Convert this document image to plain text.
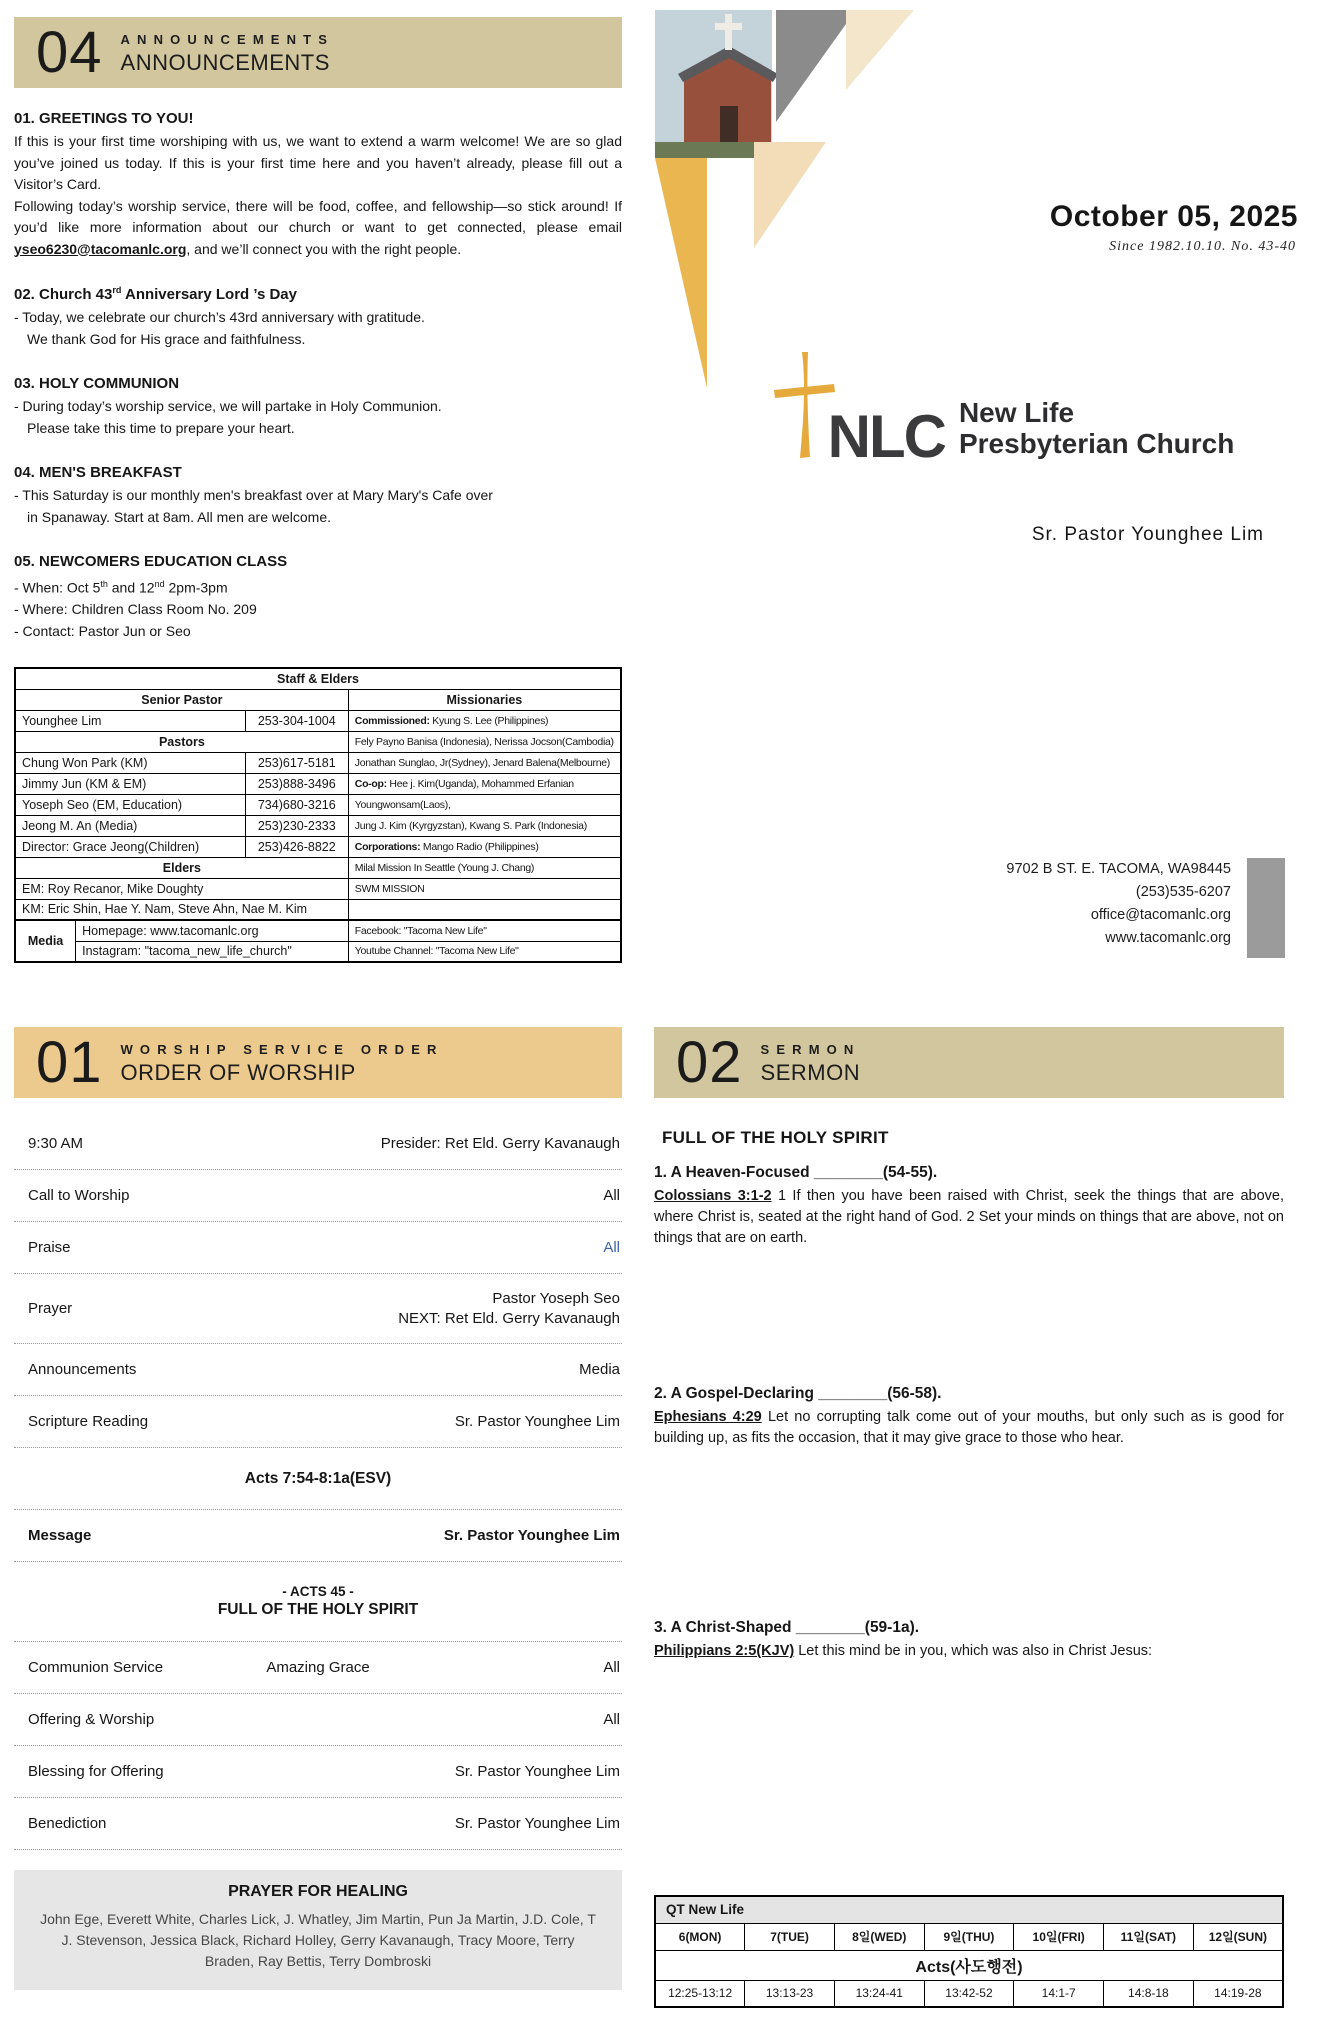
04 ANNOUNCEMENTS
ANNOUNCEMENTS
01. GREETINGS TO YOU!
If this is your first time worshiping with us, we want to extend a warm welcome! We are so glad you’ve joined us today. If this is your first time here and you haven’t already, please fill out a Visitor’s Card.
Following today’s worship service, there will be food, coffee, and fellowship—so stick around! If you’d like more information about our church or want to get connected, please email yseo6230@tacomanlc.org, and we’ll connect you with the right people.
02. Church 43rd Anniversary Lord ’s Day
- Today, we celebrate our church’s 43rd anniversary with gratitude.
We thank God for His grace and faithfulness.
03. HOLY COMMUNION
- During today’s worship service, we will partake in Holy Communion.
Please take this time to prepare your heart.
04. MEN'S BREAKFAST
- This Saturday is our monthly men's breakfast over at Mary Mary's Cafe over
in Spanaway. Start at 8am. All men are welcome.
05. NEWCOMERS EDUCATION CLASS
- When: Oct 5th and 12nd 2pm-3pm
- Where: Children Class Room No. 209
- Contact: Pastor Jun or Seo
Staff & Elders			
Senior Pastor			Missionaries
Younghee Lim		253-304-1004	Commissioned: Kyung S. Lee (Philippines)
Pastors			Fely Payno Banisa (Indonesia), Nerissa Jocson(Cambodia)
Chung Won Park (KM)		253)617-5181	Jonathan Sunglao, Jr(Sydney), Jenard Balena(Melbourne)
Jimmy Jun (KM & EM)		253)888-3496	Co-op: Hee j. Kim(Uganda), Mohammed Erfanian
Yoseph Seo (EM, Education)		734)680-3216	Youngwonsam(Laos),
Jeong M. An (Media)		253)230-2333	Jung J. Kim (Kyrgyzstan), Kwang S. Park (Indonesia)
Director: Grace Jeong(Children)		253)426-8822	Corporations: Mango Radio (Philippines)
Elders			Milal Mission In Seattle (Young J. Chang)
EM: Roy Recanor, Mike Doughty			SWM MISSION
KM: Eric Shin, Hae Y. Nam, Steve Ahn, Nae M. Kim			
Media	Homepage: www.tacomanlc.org		Facebook: "Tacoma New Life"
	Instagram: "tacoma_new_life_church"		Youtube Channel: "Tacoma New Life"
October 05, 2025
Since 1982.10.10. No. 43-40
NLC New Life
Presbyterian Church
Sr. Pastor Younghee Lim
9702 B ST. E. TACOMA, WA98445
(253)535-6207
office@tacomanlc.org
www.tacomanlc.org
01 WORSHIP SERVICE ORDER
ORDER OF WORSHIP
9:30 AM	Presider: Ret Eld. Gerry Kavanaugh
Call to Worship	All
Praise	All
Prayer
Pastor Yoseph Seo
NEXT: Ret Eld. Gerry Kavanaugh
Announcements	Media
Scripture Reading	Sr. Pastor Younghee Lim
Acts 7:54-8:1a(ESV)
Message	Sr. Pastor Younghee Lim
- ACTS 45 -
FULL OF THE HOLY SPIRIT
Communion Service	Amazing Grace	All
Offering & Worship	All
Blessing for Offering	Sr. Pastor Younghee Lim
Benediction	Sr. Pastor Younghee Lim
PRAYER FOR HEALING
John Ege, Everett White, Charles Lick, J. Whatley, Jim Martin, Pun Ja Martin, J.D. Cole, T J. Stevenson, Jessica Black, Richard Holley, Gerry Kavanaugh, Tracy Moore, Terry Braden, Ray Bettis, Terry Dombroski
02 SERMON
SERMON
FULL OF THE HOLY SPIRIT
1. A Heaven-Focused ________(54-55).

Colossians 3:1-2 1 If then you have been raised with Christ, seek the things that are above, where Christ is, seated at the right hand of God. 2 Set your minds on things that are above, not on things that are on earth.

2. A Gospel-Declaring ________(56-58).

Ephesians 4:29 Let no corrupting talk come out of your mouths, but only such as is good for building up, as fits the occasion, that it may give grace to those who hear.

3. A Christ-Shaped ________(59-1a).

Philippians 2:5(KJV) Let this mind be in you, which was also in Christ Jesus:

QT New Life						
6(MON)	7(TUE)	8일(WED)	9일(THU)	10일(FRI)	11일(SAT)	12일(SUN)
Acts(사도행전)						
12:25-13:12	13:13-23	13:24-41	13:42-52	14:1-7	14:8-18	14:19-28
